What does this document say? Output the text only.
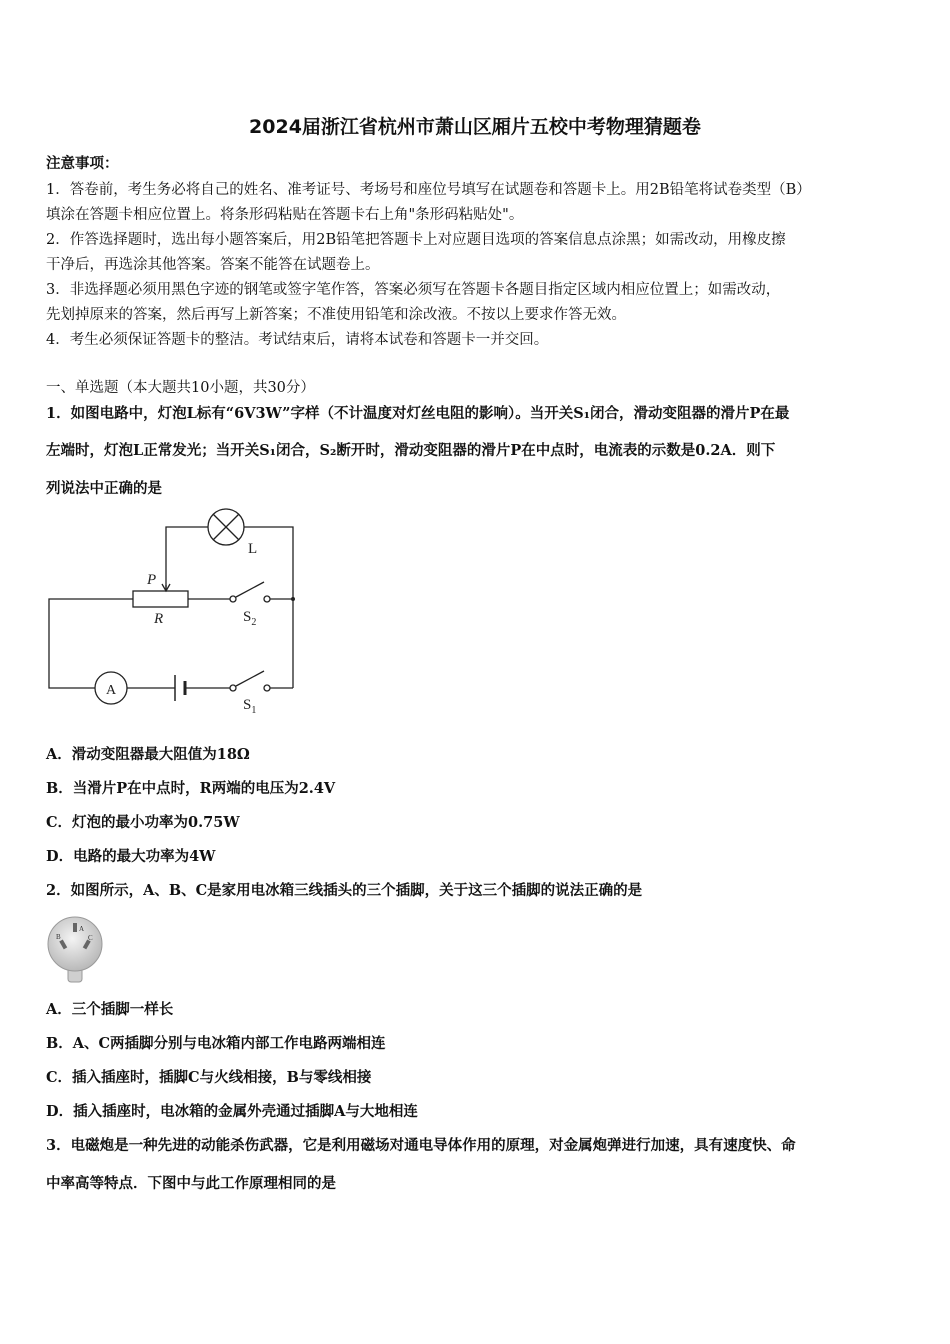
2024届浙江省杭州市萧山区厢片五校中考物理猜题卷
注意事项：
1．答卷前，考生务必将自己的姓名、准考证号、考场号和座位号填写在试题卷和答题卡上。用2B铅笔将试卷类型（B）
填涂在答题卡相应位置上。将条形码粘贴在答题卡右上角"条形码粘贴处"。
2．作答选择题时，选出每小题答案后，用2B铅笔把答题卡上对应题目选项的答案信息点涂黑；如需改动，用橡皮擦
干净后，再选涂其他答案。答案不能答在试题卷上。
3．非选择题必须用黑色字迹的钢笔或签字笔作答，答案必须写在答题卡各题目指定区域内相应位置上；如需改动，
先划掉原来的答案，然后再写上新答案；不准使用铅笔和涂改液。不按以上要求作答无效。
4．考生必须保证答题卡的整洁。考试结束后，请将本试卷和答题卡一并交回。
一、单选题（本大题共10小题，共30分）
1．如图电路中，灯泡L标有“6V3W”字样（不计温度对灯丝电阻的影响）。当开关S₁闭合，滑动变阻器的滑片P在最
左端时，灯泡L正常发光；当开关S₁闭合，S₂断开时，滑动变阻器的滑片P在中点时，电流表的示数是0.2A．则下
列说法中正确的是
L
P
R	$S_2$
A
$S_1$
A．滑动变阻器最大阻值为18Ω
B．当滑片P在中点时，R两端的电压为2.4V
C．灯泡的最小功率为0.75W
D．电路的最大功率为4W
2．如图所示，A、B、C是家用电冰箱三线插头的三个插脚，关于这三个插脚的说法正确的是
A
B	C
A．三个插脚一样长
B．A、C两插脚分别与电冰箱内部工作电路两端相连
C．插入插座时，插脚C与火线相接，B与零线相接
D．插入插座时，电冰箱的金属外壳通过插脚A与大地相连
3．电磁炮是一种先进的动能杀伤武器，它是利用磁场对通电导体作用的原理，对金属炮弹进行加速，具有速度快、命
中率高等特点．下图中与此工作原理相同的是
